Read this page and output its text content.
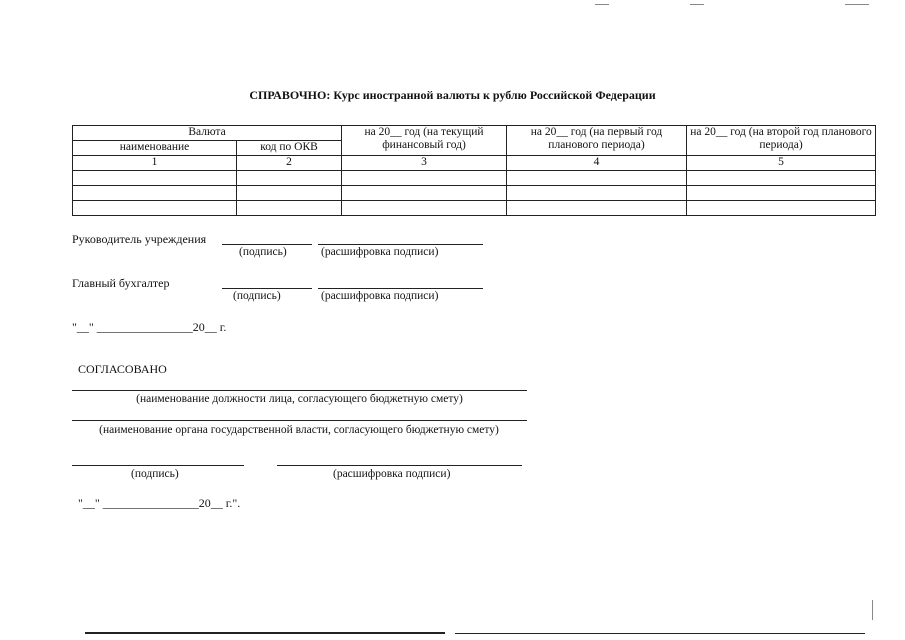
СПРАВОЧНО: Курс иностранной валюты к рублю Российской Федерации
Валюта		на 20__ год (на текущий финансовый год)	на 20__ год (на первый год планового периода)	на 20__ год (на второй год планового периода)
наименование	код по ОКВ			
1	2	3	4	5

Руководитель учреждения
(подпись)	(расшифровка подписи)
Главный бухгалтер
(подпись)	(расшифровка подписи)
"__" ________________20__ г.
СОГЛАСОВАНО
(наименование должности лица, согласующего бюджетную смету)
(наименование органа государственной власти, согласующего бюджетную смету)
(подпись)	(расшифровка подписи)
"__" ________________20__ г.".
